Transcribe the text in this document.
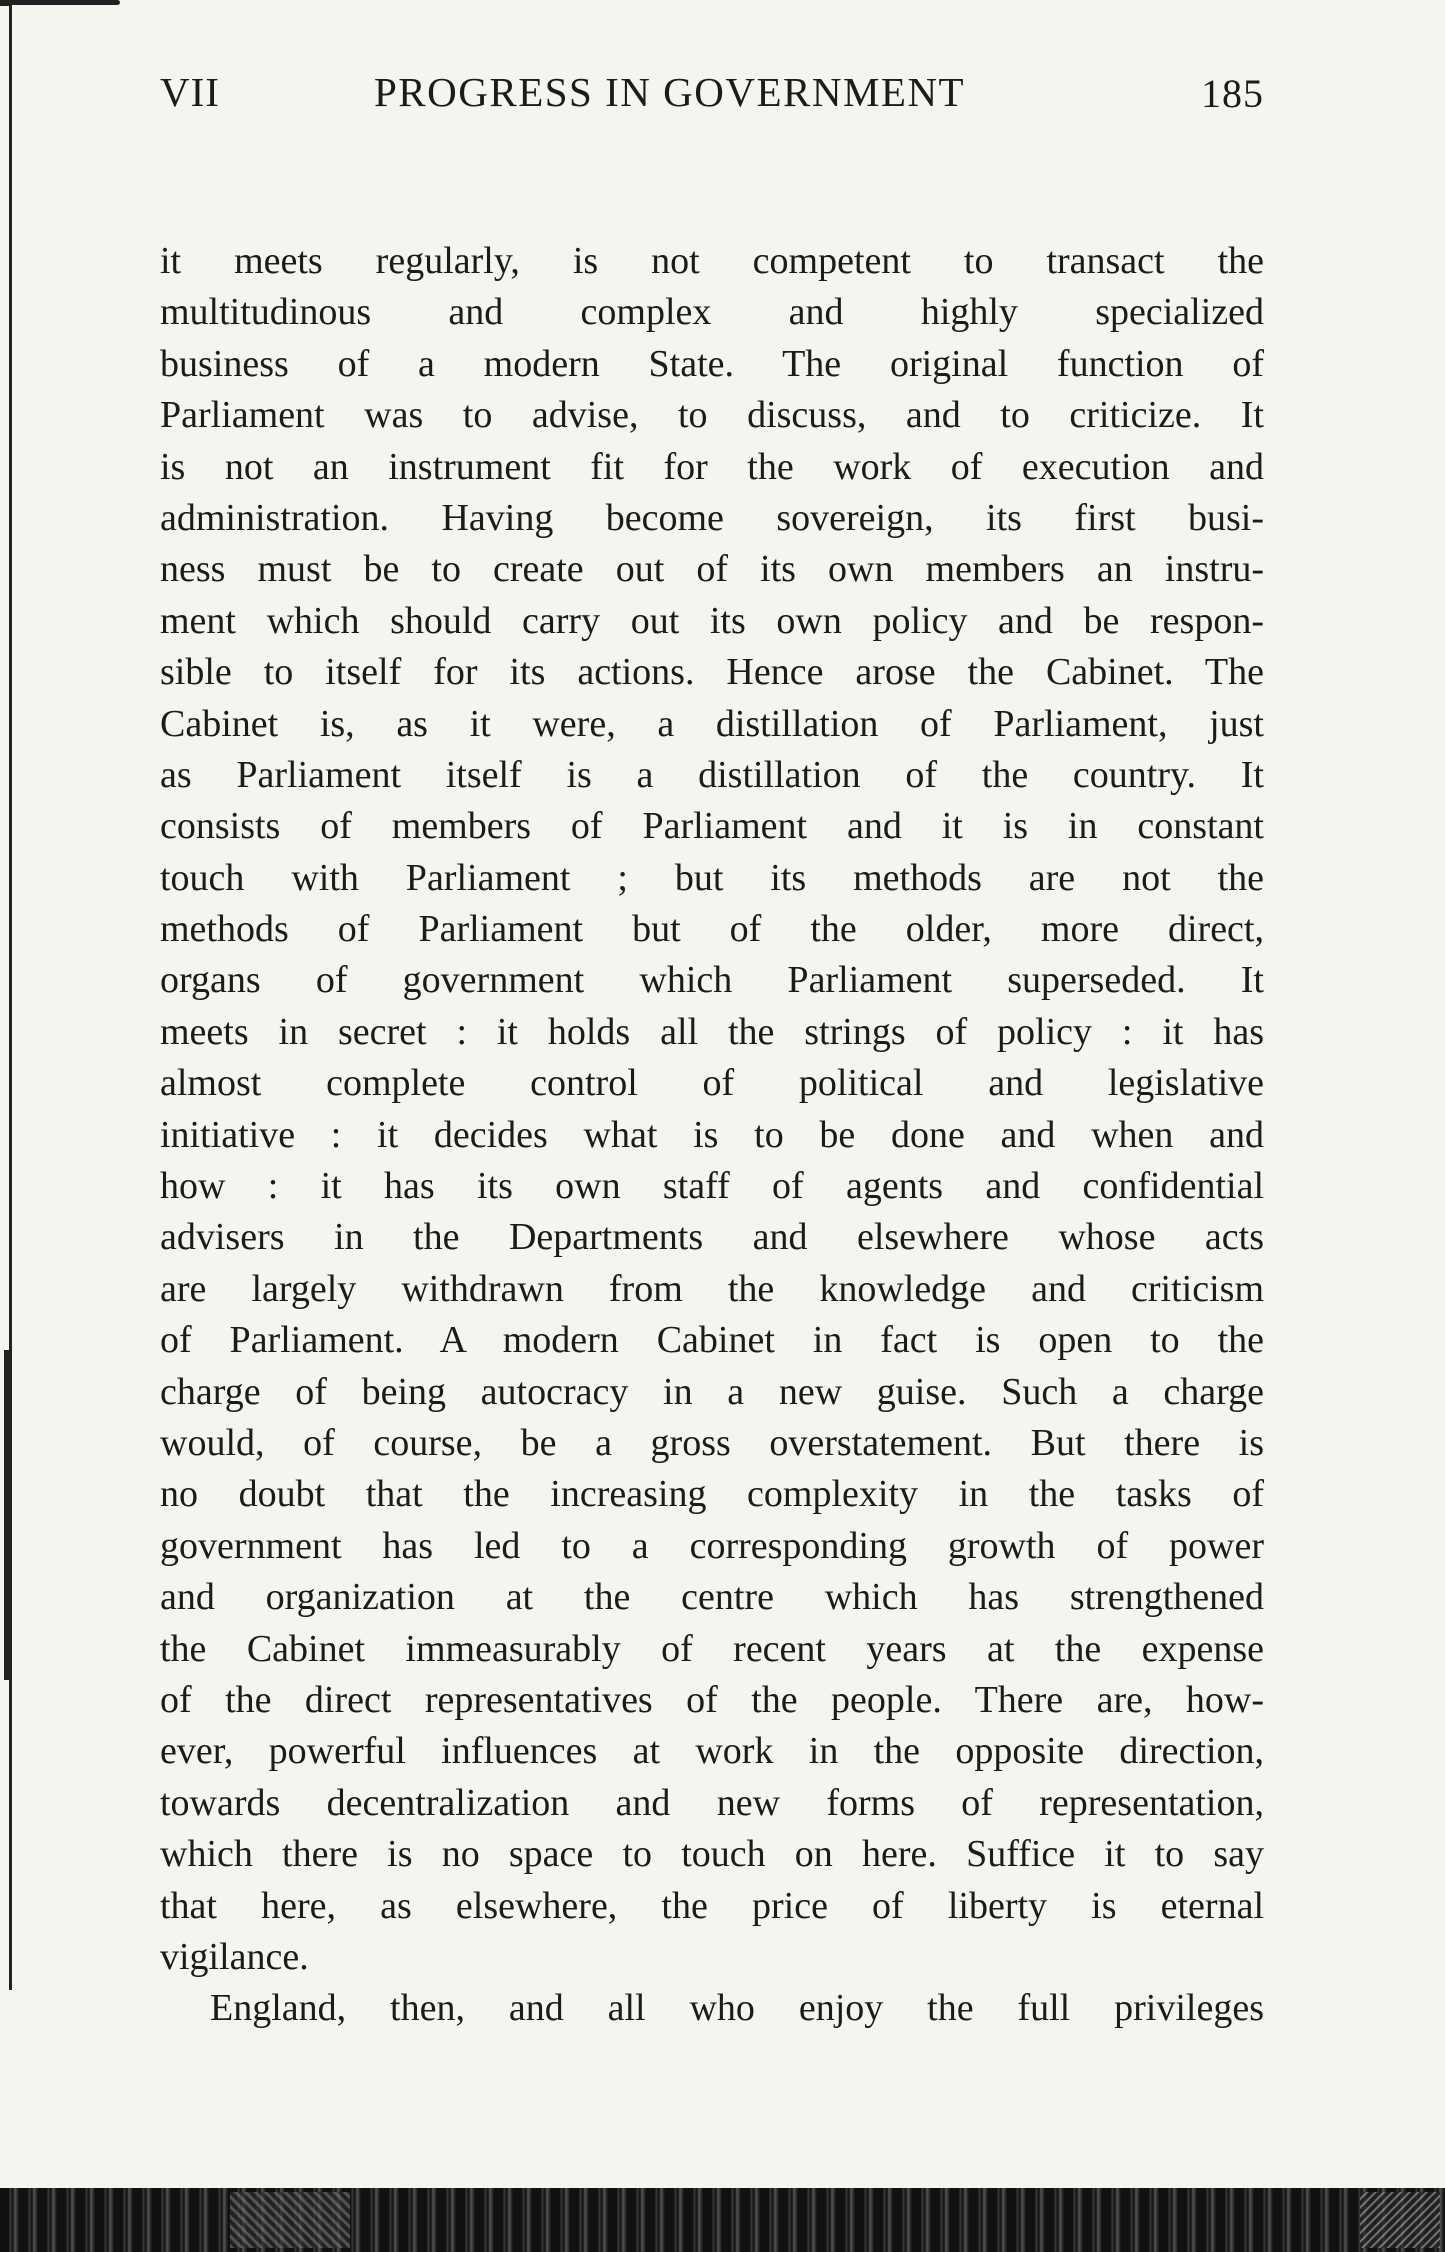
VII	PROGRESS IN GOVERNMENT	185
it meets regularly, is not competent to transact the
multitudinous and complex and highly specialized
business of a modern State. The original function of
Parliament was to advise, to discuss, and to criticize. It
is not an instrument fit for the work of execution and
administration. Having become sovereign, its first busi-
ness must be to create out of its own members an instru-
ment which should carry out its own policy and be respon-
sible to itself for its actions. Hence arose the Cabinet. The
Cabinet is, as it were, a distillation of Parliament, just
as Parliament itself is a distillation of the country. It
consists of members of Parliament and it is in constant
touch with Parliament ; but its methods are not the
methods of Parliament but of the older, more direct,
organs of government which Parliament superseded. It
meets in secret : it holds all the strings of policy : it has
almost complete control of political and legislative
initiative : it decides what is to be done and when and
how : it has its own staff of agents and confidential
advisers in the Departments and elsewhere whose acts
are largely withdrawn from the knowledge and criticism
of Parliament. A modern Cabinet in fact is open to the
charge of being autocracy in a new guise. Such a charge
would, of course, be a gross overstatement. But there is
no doubt that the increasing complexity in the tasks of
government has led to a corresponding growth of power
and organization at the centre which has strengthened
the Cabinet immeasurably of recent years at the expense
of the direct representatives of the people. There are, how-
ever, powerful influences at work in the opposite direction,
towards decentralization and new forms of representation,
which there is no space to touch on here. Suffice it to say
that here, as elsewhere, the price of liberty is eternal
vigilance.
England, then, and all who enjoy the full privileges
